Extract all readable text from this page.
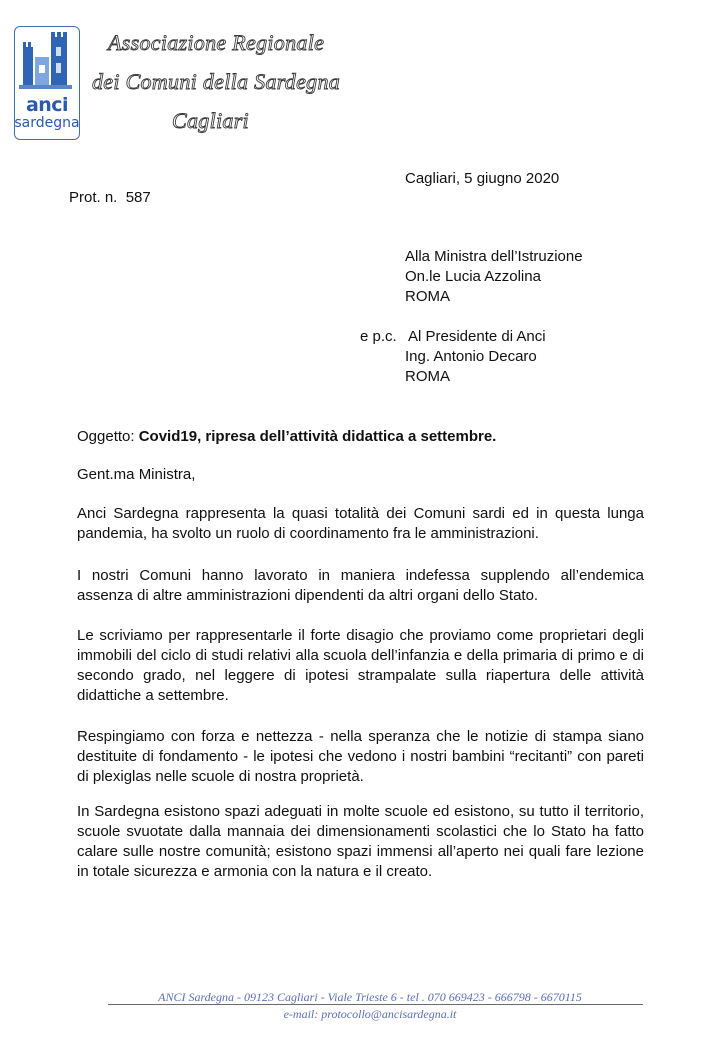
anci
sardegna
Associazione Regionale
dei Comuni della Sardegna
Cagliari
Cagliari, 5 giugno 2020
Prot. n.  587
Alla Ministra dell’Istruzione
On.le Lucia Azzolina
ROMA
e p.c. Al Presidente di Anci
Ing. Antonio Decaro
ROMA
Oggetto: Covid19, ripresa dell’attività didattica a settembre.
Gent.ma Ministra,
Anci Sardegna rappresenta la quasi totalità dei Comuni sardi ed in questa lunga pandemia, ha svolto un ruolo di coordinamento fra le amministrazioni.
I nostri Comuni hanno lavorato in maniera indefessa supplendo all’endemica assenza di altre amministrazioni dipendenti da altri organi dello Stato.
Le scriviamo per rappresentarle il forte disagio che proviamo come proprietari degli immobili del ciclo di studi relativi alla scuola dell’infanzia e della primaria di primo e di secondo grado, nel leggere di ipotesi strampalate sulla riapertura delle attività didattiche a settembre.
Respingiamo con forza e nettezza - nella speranza che le notizie di stampa siano destituite di fondamento - le ipotesi che vedono i nostri bambini “recitanti” con pareti di plexiglas nelle scuole di nostra proprietà.
In Sardegna esistono spazi adeguati in molte scuole ed esistono, su tutto il territorio, scuole svuotate dalla mannaia dei dimensionamenti scolastici che lo Stato ha fatto calare sulle nostre comunità; esistono spazi immensi all’aperto nei quali fare lezione in totale sicurezza e armonia con la natura e il creato.
ANCI Sardegna - 09123 Cagliari - Viale Trieste 6 - tel . 070 669423 - 666798 - 6670115
e-mail: protocollo@ancisardegna.it
